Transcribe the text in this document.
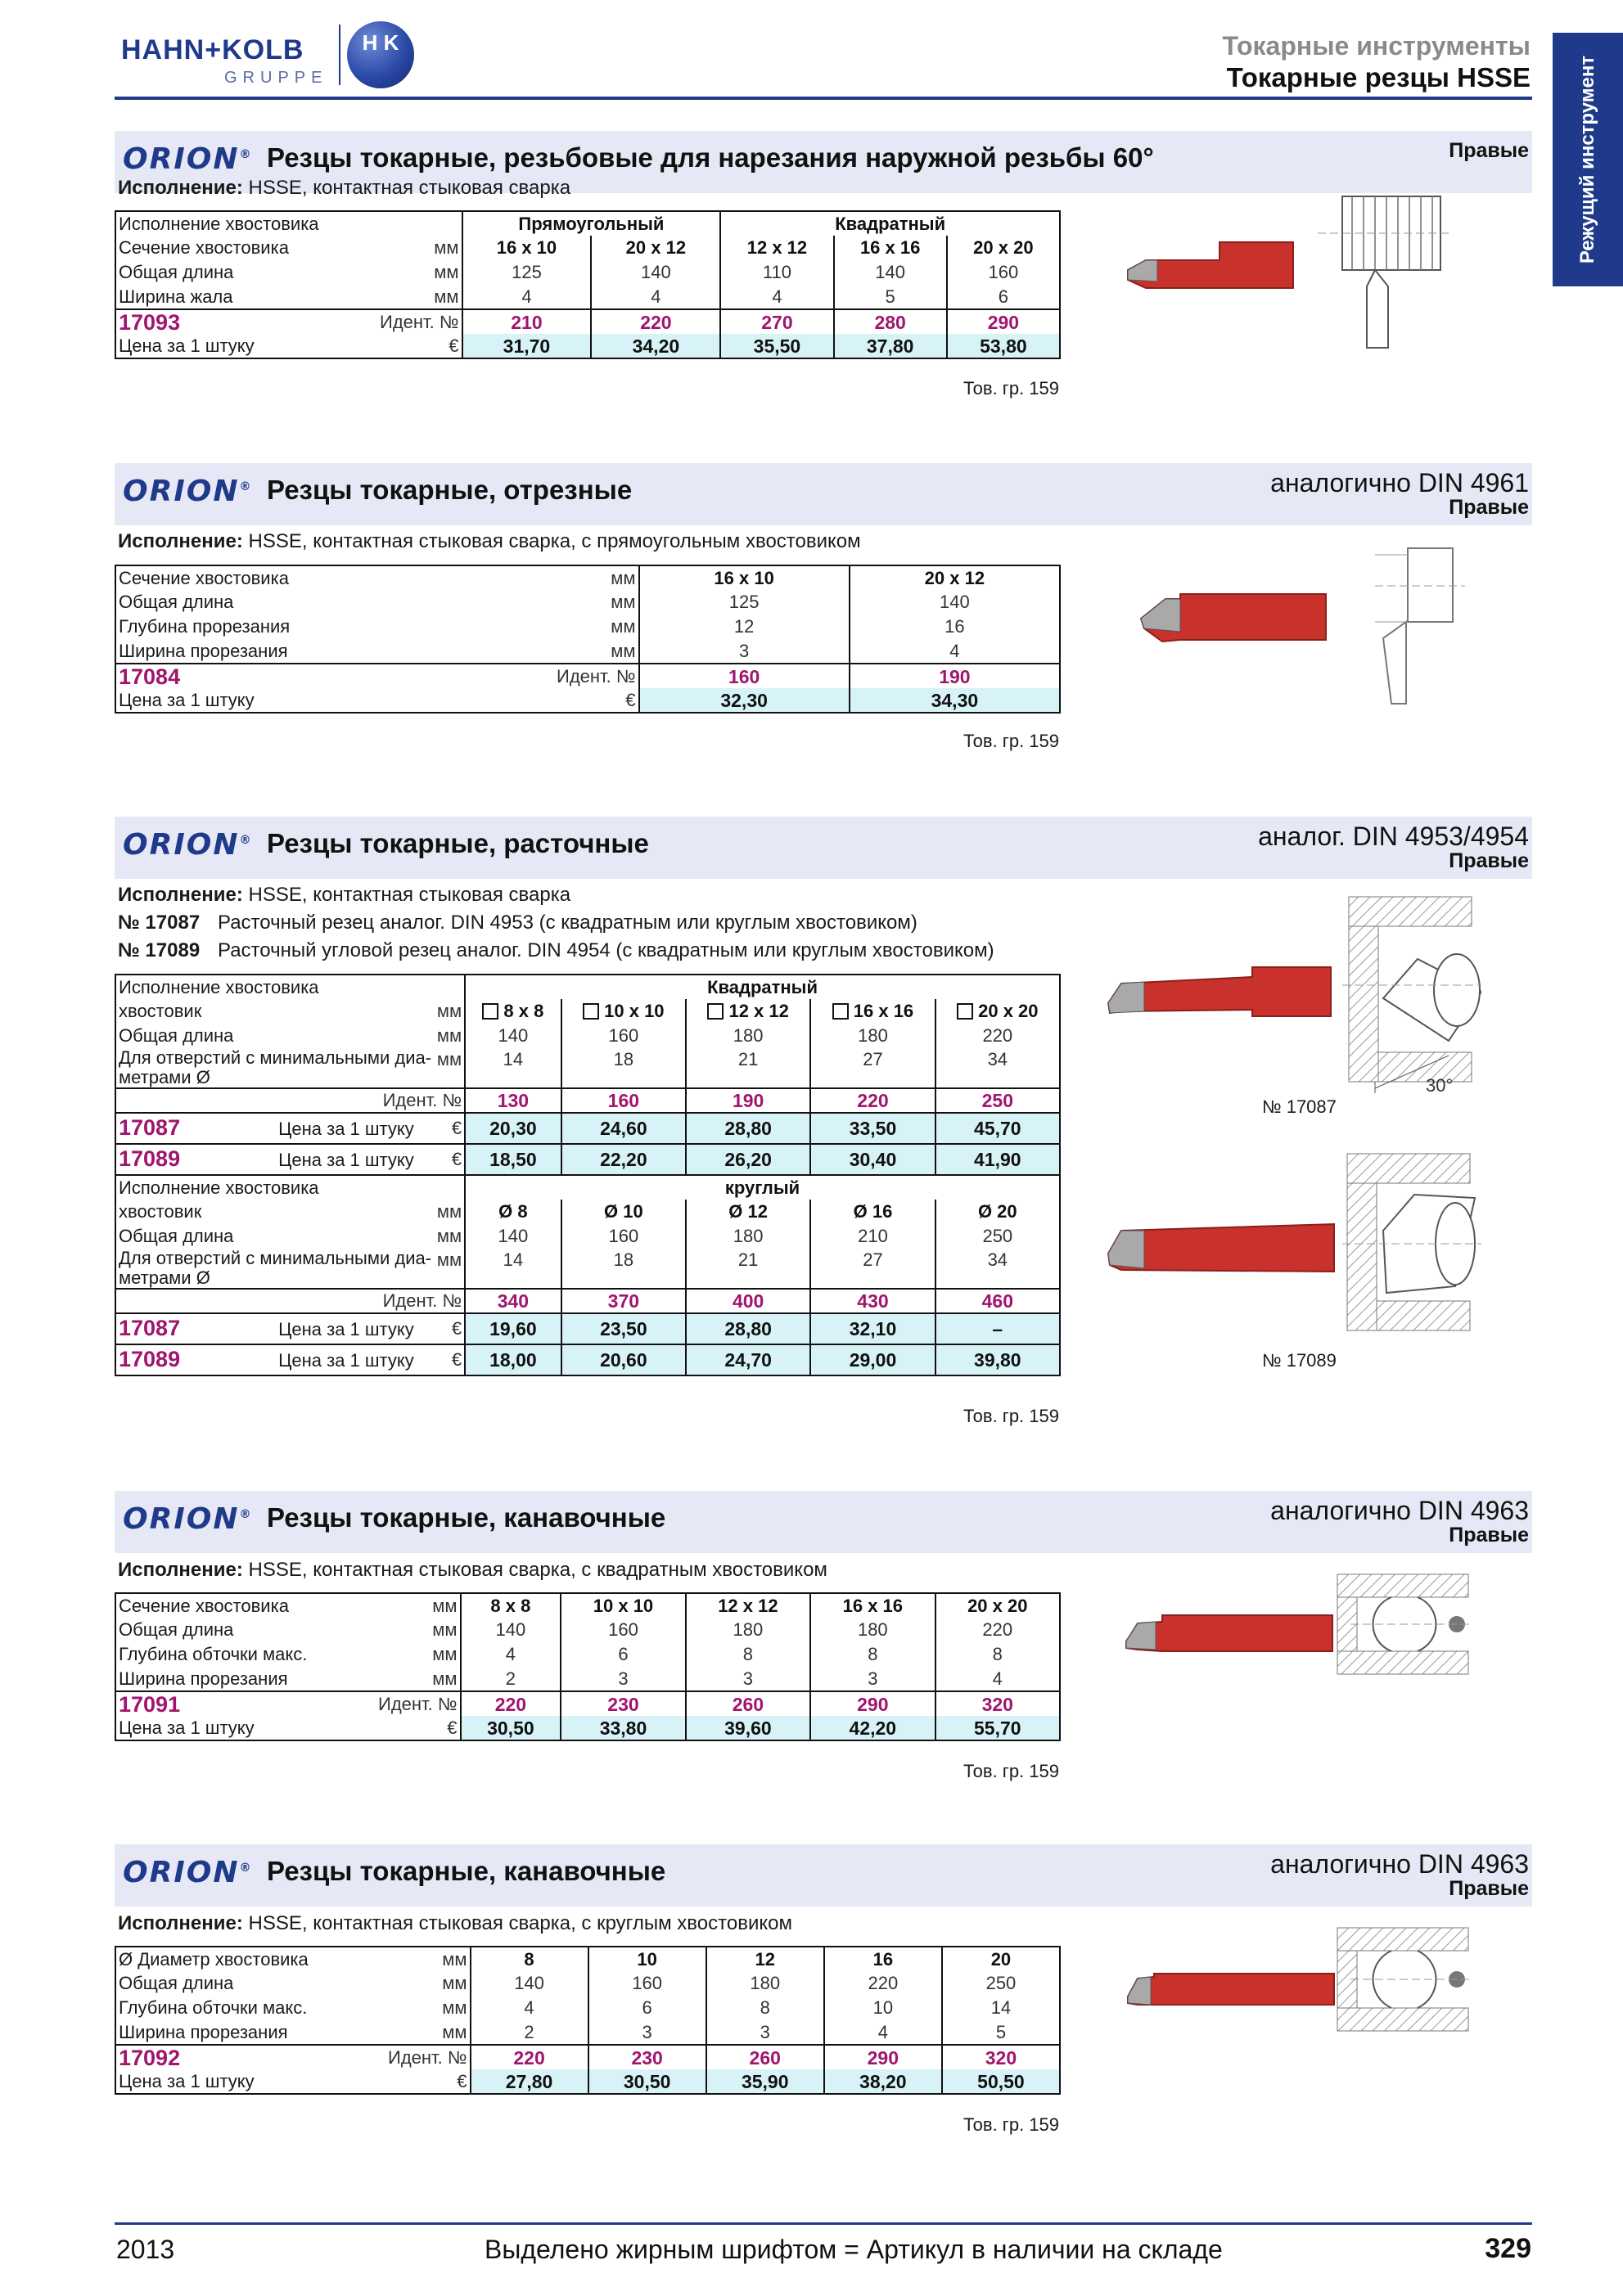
HAHN+KOLB
GRUPPE
H K	Токарные инструменты
Токарные резцы HSSE Режущий инструмент
ORION® Резцы токарные, резьбовые для нарезания наружной резьбы 60°	Правые
Исполнение: HSSE, контактная стыковая сварка
Исполнение хвостовика		Прямоугольный		Квадратный		
Сечение хвостовика	мм	16 x 10	20 x 12	12 x 12	16 x 16	20 x 20
Общая длина	мм	125	140	110	140	160
Ширина жала	мм	4	4	4	5	6
17093	Идент. №	210	220	270	280	290
Цена за 1 штуку	€	31,70	34,20	35,50	37,80	53,80
Тов. гр. 159
ORION® Резцы токарные, отрезные	аналогично DIN 4961
Правые
Исполнение: HSSE, контактная стыковая сварка, с прямоугольным хвостовиком
Сечение хвостовика	мм	16 x 10	20 x 12
Общая длина	мм	125	140
Глубина прорезания	мм	12	16
Ширина прорезания	мм	3	4
17084	Идент. №	160	190
Цена за 1 штуку	€	32,30	34,30
Тов. гр. 159
ORION® Резцы токарные, расточные	аналог. DIN 4953/4954
Правые
Исполнение: HSSE, контактная стыковая сварка
№ 17087 Расточный резец аналог. DIN 4953 (с квадратным или круглым хвостовиком)
№ 17089 Расточный угловой резец аналог. DIN 4954 (с квадратным или круглым хвостовиком)
Исполнение хвостовика			Квадратный				
хвостовик		мм	8 x 8	10 x 10	12 x 12	16 x 16	20 x 20
Общая длина		мм	140	160	180	180	220
Для отверстий с минимальными диа-
метрами Ø		мм	14	18	21	27	34
Идент. №			130	160	190	220	250
17087 Цена за 1 штуку		€	20,30	24,60	28,80	33,50	45,70
17089 Цена за 1 штуку		€	18,50	22,20	26,20	30,40	41,90
Исполнение хвостовика			круглый				
хвостовик		мм	Ø 8	Ø 10	Ø 12	Ø 16	Ø 20
Общая длина		мм	140	160	180	210	250
Для отверстий с минимальными диа-
метрами Ø		мм	14	18	21	27	34
Идент. №			340	370	400	430	460
17087 Цена за 1 штуку		€	19,60	23,50	28,80	32,10	–
17089 Цена за 1 штуку		€	18,00	20,60	24,70	29,00	39,80
Тов. гр. 159
30°
№ 17087
№ 17089
ORION® Резцы токарные, канавочные	аналогично DIN 4963
Правые
Исполнение: HSSE, контактная стыковая сварка, с квадратным хвостовиком
Сечение хвостовика	мм	8 x 8	10 x 10	12 x 12	16 x 16	20 x 20
Общая длина	мм	140	160	180	180	220
Глубина обточки макс.	мм	4	6	8	8	8
Ширина прорезания	мм	2	3	3	3	4
17091	Идент. №	220	230	260	290	320
Цена за 1 штуку	€	30,50	33,80	39,60	42,20	55,70
Тов. гр. 159
ORION® Резцы токарные, канавочные	аналогично DIN 4963
Правые
Исполнение: HSSE, контактная стыковая сварка, с круглым хвостовиком
Ø Диаметр хвостовика	мм	8	10	12	16	20
Общая длина	мм	140	160	180	220	250
Глубина обточки макс.	мм	4	6	8	10	14
Ширина прорезания	мм	2	3	3	4	5
17092	Идент. №	220	230	260	290	320
Цена за 1 штуку	€	27,80	30,50	35,90	38,20	50,50
Тов. гр. 159
2013	Выделено жирным шрифтом = Артикул в наличии на складе	329
